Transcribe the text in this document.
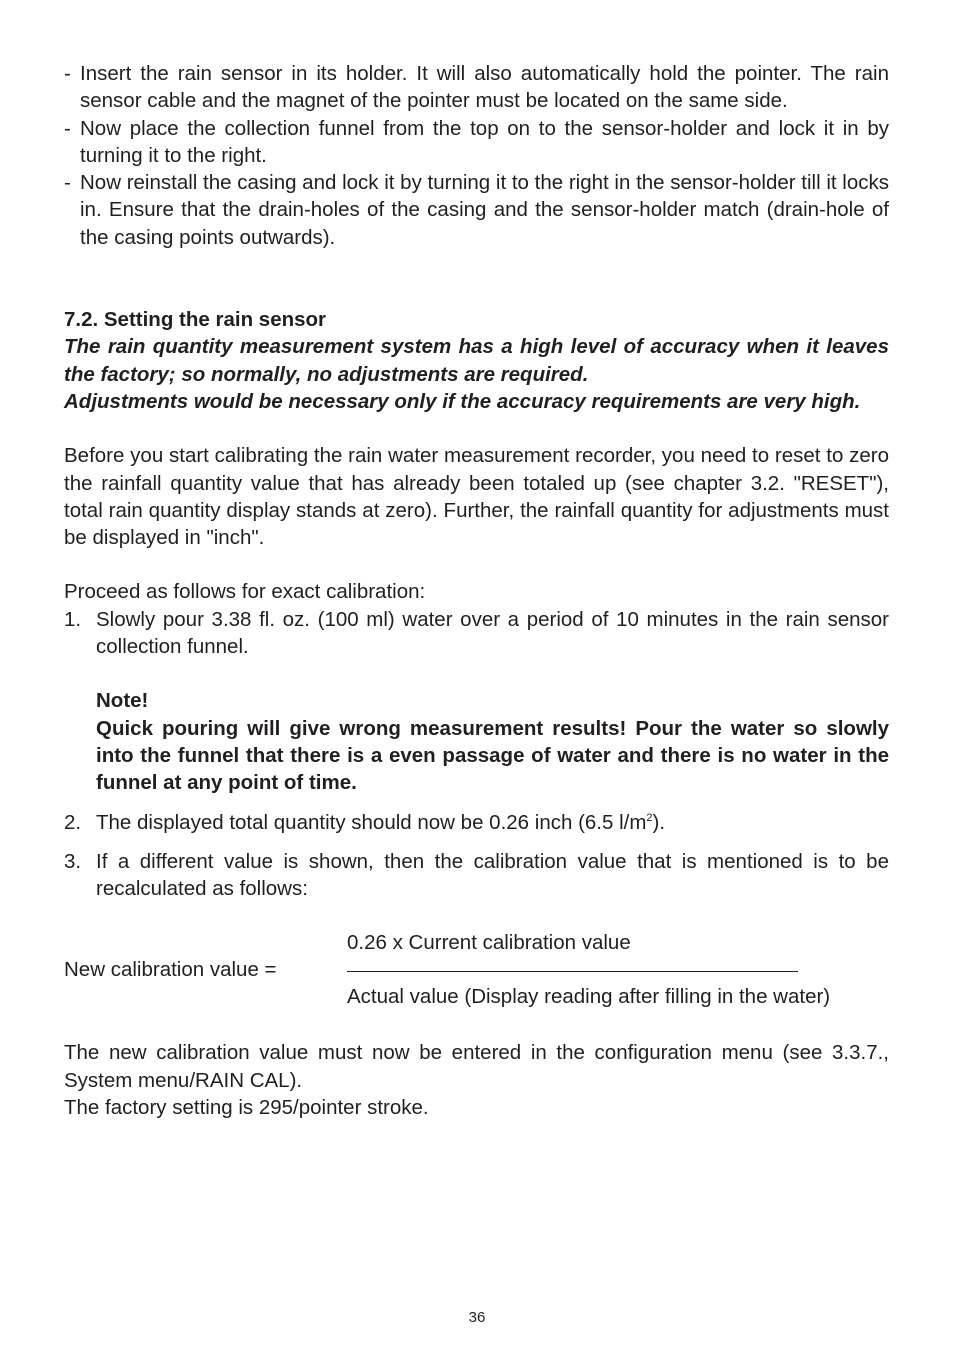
- Insert the rain sensor in its holder. It will also automatically hold the pointer. The rain sensor cable and the magnet of the pointer must be located on the same side.
- Now place the collection funnel from the top on to the sensor-holder and lock it in by turning it to the right.
- Now reinstall the casing and lock it by turning it to the right in the sensor-holder till it locks in. Ensure that the drain-holes of the casing and the sensor-holder match (drain-hole of the casing points outwards).

7.2. Setting the rain sensor

The rain quantity measurement system has a high level of accuracy when it leaves the factory; so normally, no adjustments are required.

Adjustments would be necessary only if the accuracy requirements are very high.

Before you start calibrating the rain water measurement recorder, you need to reset to zero the rainfall quantity value that has already been totaled up (see chapter 3.2. "RESET"), total rain quantity display stands at zero). Further, the rainfall quantity for adjustments must be displayed in "inch".

Proceed as follows for exact calibration:

1. Slowly pour 3.38 fl. oz. (100 ml) water over a period of 10 minutes in the rain sensor collection funnel.

Note!

Quick pouring will give wrong measurement results! Pour the water so slowly into the funnel that there is a even passage of water and there is no water in the funnel at any point of time.

2. The displayed total quantity should now be 0.26 inch (6.5 $l/m^2$).
3. If a different value is shown, then the calibration value that is mentioned is to be recalculated as follows:
New calibration value =
0.26 x Current calibration value
Actual value (Display reading after filling in the water)

The new calibration value must now be entered in the configuration menu (see 3.3.7., System menu/RAIN CAL).

The factory setting is 295/pointer stroke.

36
